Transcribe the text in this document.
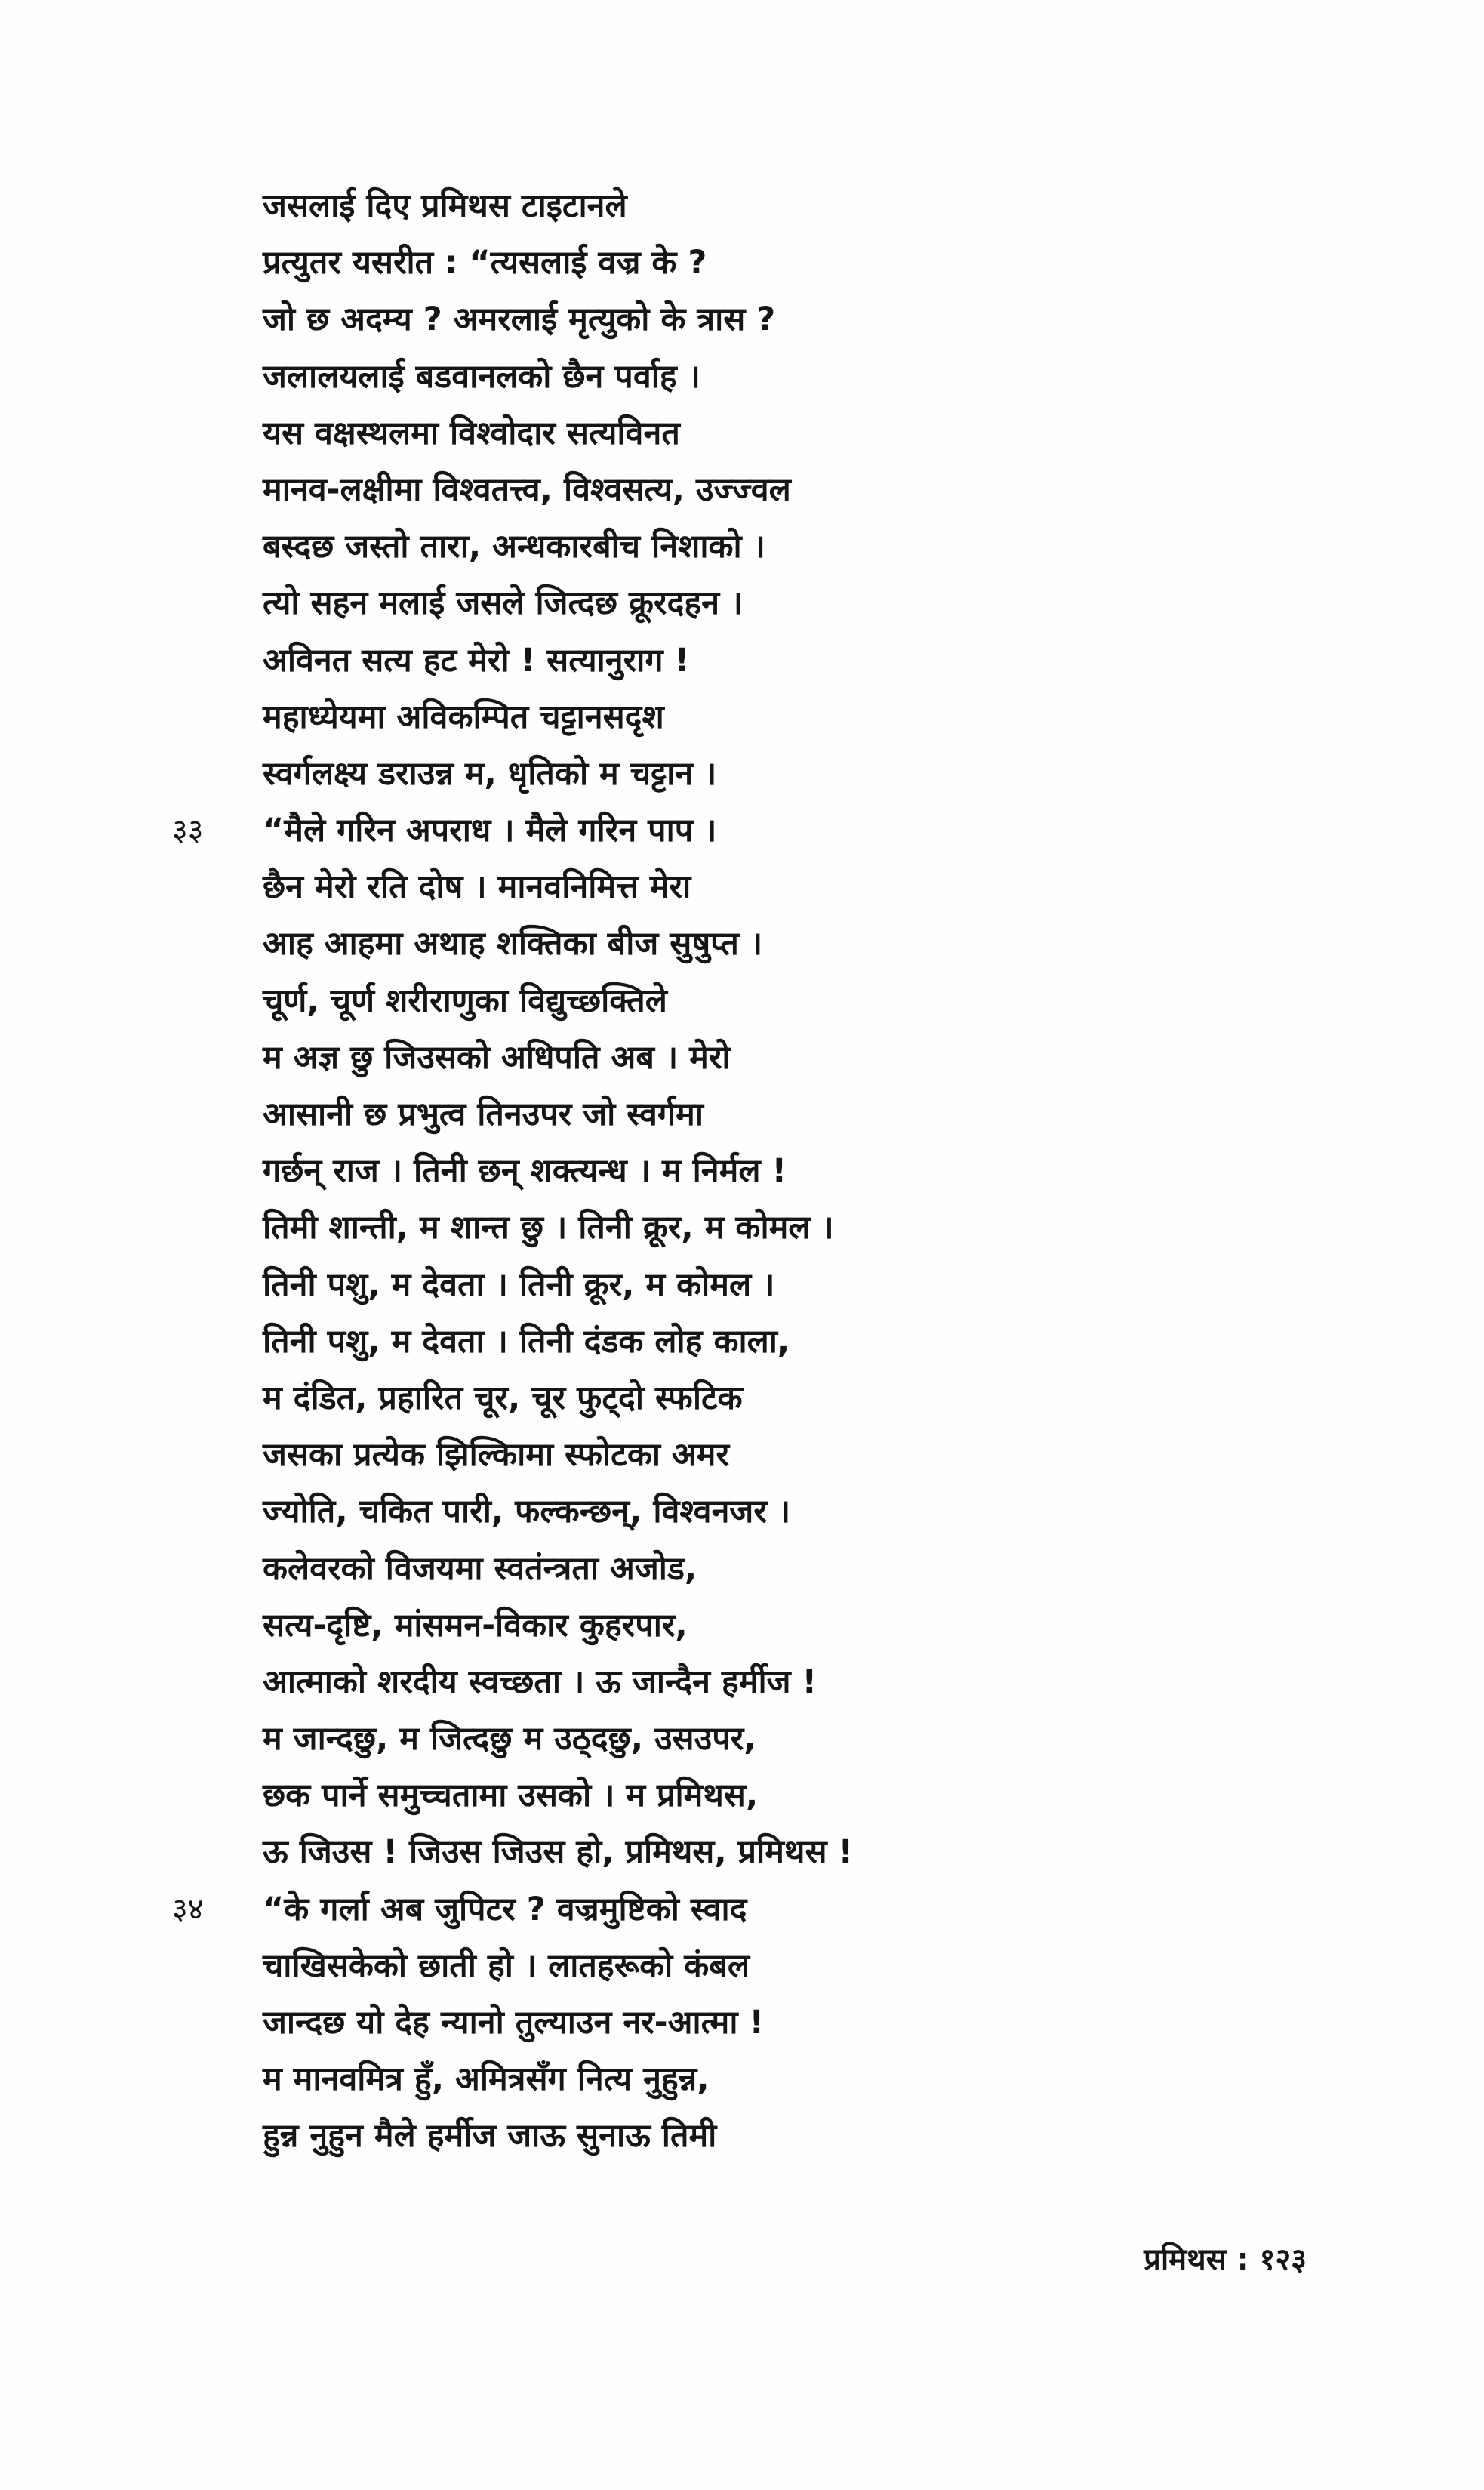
जसलाई दिए प्रमिथस टाइटानले
प्रत्युतर यसरीत : “त्यसलाई वज्र के ?
जो छ अदम्य ? अमरलाई मृत्युको के त्रास ?
जलालयलाई बडवानलको छैन पर्वाह ।
यस वक्षस्थलमा विश्वोदार सत्यविनत
मानव-लक्षीमा विश्वतत्त्व, विश्वसत्य, उज्ज्वल
बस्दछ जस्तो तारा, अन्धकारबीच निशाको ।
त्यो सहन मलाई जसले जित्दछ क्रूरदहन ।
अविनत सत्य हट मेरो ! सत्यानुराग !
महाध्येयमा अविकम्पित चट्टानसदृश
स्वर्गलक्ष्य डराउन्न म, धृतिको म चट्टान ।
३३	“मैले गरिन अपराध । मैले गरिन पाप ।
छैन मेरो रति दोष । मानवनिमित्त मेरा
आह आहमा अथाह शक्तिका बीज सुषुप्त ।
चूर्ण, चूर्ण शरीराणुका विद्युच्छक्तिले
म अज्ञ छु जिउसको अधिपति अब । मेरो
आसानी छ प्रभुत्व तिनउपर जो स्वर्गमा
गर्छन् राज । तिनी छन् शक्त्यन्ध । म निर्मल !
तिमी शान्ती, म शान्त छु । तिनी क्रूर, म कोमल ।
तिनी पशु, म देवता । तिनी क्रूर, म कोमल ।
तिनी पशु, म देवता । तिनी दंडक लोह काला,
म दंडित, प्रहारित चूर, चूर फुट्दो स्फटिक
जसका प्रत्येक झिल्किामा स्फोटका अमर
ज्योति, चकित पारी, फल्कन्छन्, विश्वनजर ।
कलेवरको विजयमा स्वतंन्त्रता अजोड,
सत्य-दृष्टि, मांसमन-विकार कुहरपार,
आत्माको शरदीय स्वच्छता । ऊ जान्दैन हर्मीज !
म जान्दछु, म जित्दछु म उठ्दछु, उसउपर,
छक पार्ने समुच्चतामा उसको । म प्रमिथस,
ऊ जिउस ! जिउस जिउस हो, प्रमिथस, प्रमिथस !
३४	“के गर्ला अब जुपिटर ? वज्रमुष्टिको स्वाद
चाखिसकेको छाती हो । लातहरूको कंबल
जान्दछ यो देह न्यानो तुल्याउन नर-आत्मा !
म मानवमित्र हुँ, अमित्रसँग नित्य नुहुन्न,
हुन्न नुहुन मैले हर्मीज जाऊ सुनाऊ तिमी
प्रमिथस : १२३
